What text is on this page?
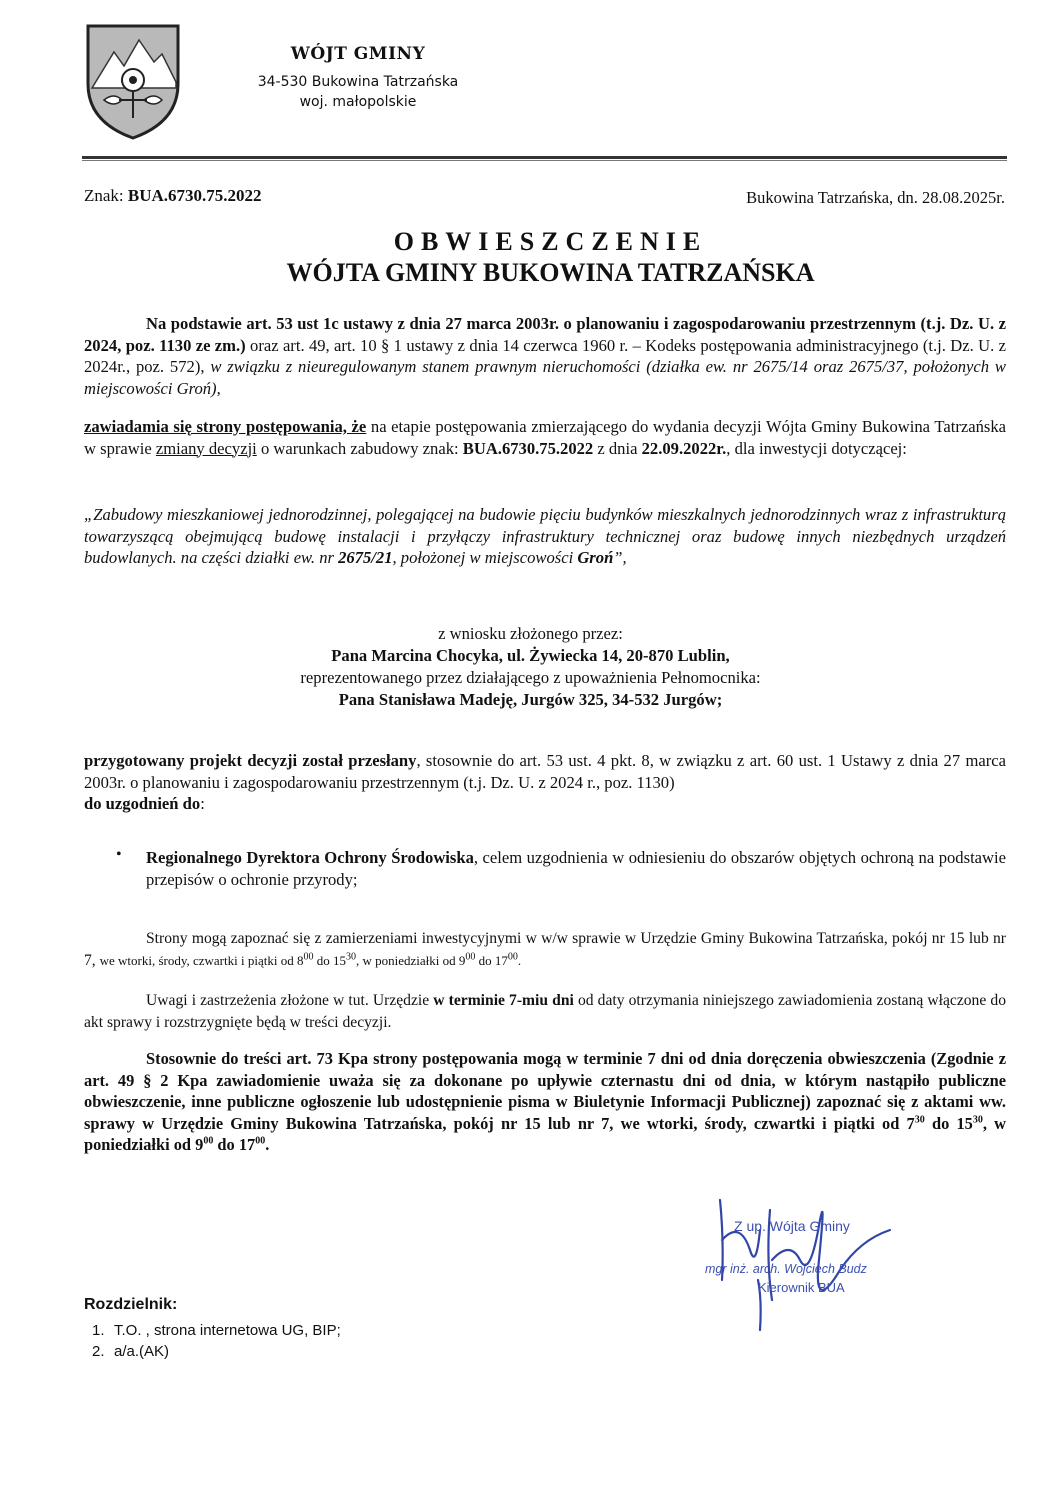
WÓJT GMINY
34-530 Bukowina Tatrzańska
woj. małopolskie
Znak: BUA.6730.75.2022	Bukowina Tatrzańska, dn. 28.08.2025r.
OBWIESZCZENIE
WÓJTA GMINY BUKOWINA TATRZAŃSKA
Na podstawie art. 53 ust 1c ustawy z dnia 27 marca 2003r. o planowaniu i zagospodarowaniu przestrzennym (t.j. Dz. U. z 2024, poz. 1130 ze zm.) oraz art. 49, art. 10 § 1 ustawy z dnia 14 czerwca 1960 r. – Kodeks postępowania administracyjnego (t.j. Dz. U. z 2024r., poz. 572), w związku z nieuregulowanym stanem prawnym nieruchomości (działka ew. nr 2675/14 oraz 2675/37, położonych w miejscowości Groń),
zawiadamia się strony postępowania, że na etapie postępowania zmierzającego do wydania decyzji Wójta Gminy Bukowina Tatrzańska w sprawie zmiany decyzji o warunkach zabudowy znak: BUA.6730.75.2022 z dnia 22.09.2022r., dla inwestycji dotyczącej:
„Zabudowy mieszkaniowej jednorodzinnej, polegającej na budowie pięciu budynków mieszkalnych jednorodzinnych wraz z infrastrukturą towarzyszącą obejmującą budowę instalacji i przyłączy infrastruktury technicznej oraz budowę innych niezbędnych urządzeń budowlanych. na części działki ew. nr 2675/21, położonej w miejscowości Groń”,
z wniosku złożonego przez:
Pana Marcina Chocyka, ul. Żywiecka 14, 20-870 Lublin,
reprezentowanego przez działającego z upoważnienia Pełnomocnika:
Pana Stanisława Madeję, Jurgów 325, 34-532 Jurgów;
przygotowany projekt decyzji został przesłany, stosownie do art. 53 ust. 4 pkt. 8, w związku z art. 60 ust. 1 Ustawy z dnia 27 marca 2003r. o planowaniu i zagospodarowaniu przestrzennym (t.j. Dz. U. z 2024 r., poz. 1130)
do uzgodnień do:
• Regionalnego Dyrektora Ochrony Środowiska, celem uzgodnienia w odniesieniu do obszarów objętych ochroną na podstawie przepisów o ochronie przyrody;
Strony mogą zapoznać się z zamierzeniami inwestycyjnymi w w/w sprawie w Urzędzie Gminy Bukowina Tatrzańska, pokój nr 15 lub nr 7, we wtorki, środy, czwartki i piątki od $8^{00}$ do $15^{30}$, w poniedziałki od $9^{00}$ do $17^{00}$.
Uwagi i zastrzeżenia złożone w tut. Urzędzie w terminie 7-miu dni od daty otrzymania niniejszego zawiadomienia zostaną włączone do akt sprawy i rozstrzygnięte będą w treści decyzji.
Stosownie do treści art. 73 Kpa strony postępowania mogą w terminie 7 dni od dnia doręczenia obwieszczenia (Zgodnie z art. 49 § 2 Kpa zawiadomienie uważa się za dokonane po upływie czternastu dni od dnia, w którym nastąpiło publiczne obwieszczenie, inne publiczne ogłoszenie lub udostępnienie pisma w Biuletynie Informacji Publicznej) zapoznać się z aktami ww. sprawy w Urzędzie Gminy Bukowina Tatrzańska, pokój nr 15 lub nr 7, we wtorki, środy, czwartki i piątki od $7^{30}$ do $15^{30}$, w poniedziałki od $9^{00}$ do $17^{00}$.
Z up. Wójta Gminy
mgr inż. arch. Wojciech Budz
Kierownik BUA
Rozdzielnik:
1. T.O. , strona internetowa UG, BIP;
2. a/a.(AK)
